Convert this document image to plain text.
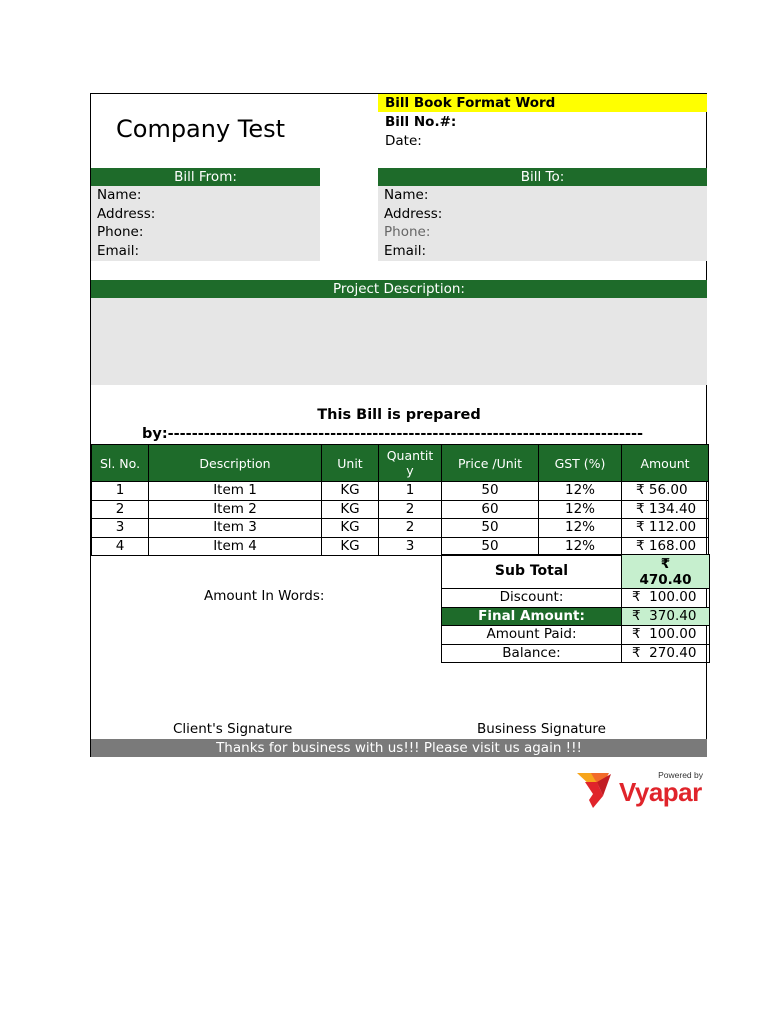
Company Test
Bill Book Format Word
Bill No.#:
Date:
Bill From:
Name:
Address:
Phone:
Email:
Bill To:
Name:
Address:
Phone:
Email:
Project Description:
This Bill is prepared
by:-------------------------------------------------------------------------------
Sl. No.	Description	Unit	Quantit y	Price /Unit	GST (%)	Amount
1	Item 1	KG	1	50	12%	₹ 56.00
2	Item 2	KG	2	60	12%	₹ 134.40
3	Item 3	KG	2	50	12%	₹ 112.00
4	Item 4	KG	3	50	12%	₹ 168.00
Amount In Words:
Sub Total	₹
470.40
Discount:	₹  100.00
Final Amount:	₹  370.40
Amount Paid:	₹  100.00
Balance:	₹  270.40
Client's Signature	Business Signature
Thanks for business with us!!! Please visit us again !!!
Powered by
Vyapar
